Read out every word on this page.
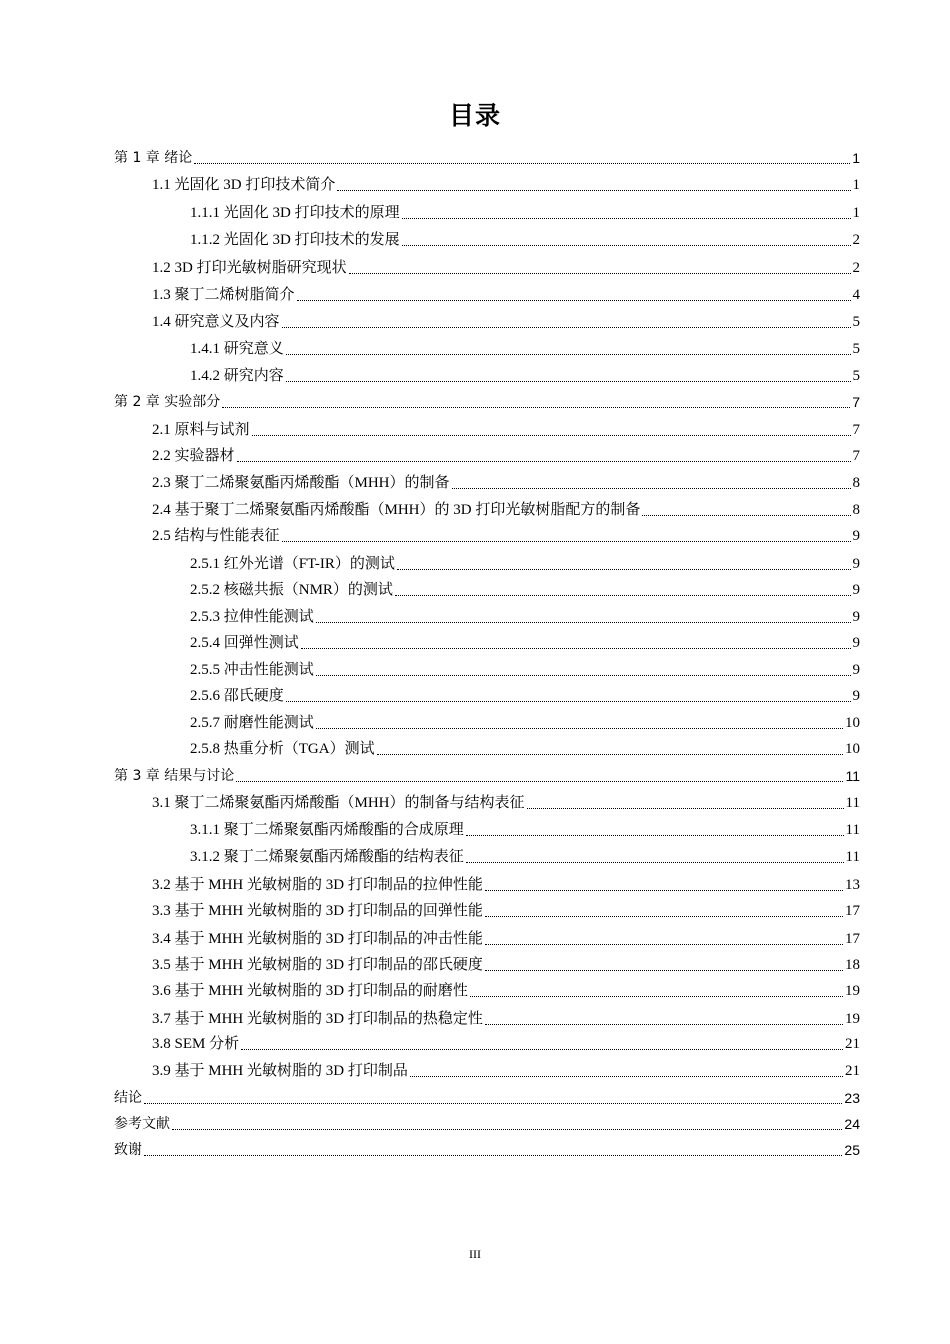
目录
第 1 章 绪论	1
1.1 光固化 3D 打印技术简介	1
1.1.1 光固化 3D 打印技术的原理	1
1.1.2 光固化 3D 打印技术的发展	2
1.2 3D 打印光敏树脂研究现状	2
1.3 聚丁二烯树脂简介	4
1.4 研究意义及内容	5
1.4.1 研究意义	5
1.4.2 研究内容	5
第 2 章 实验部分	7
2.1 原料与试剂	7
2.2 实验器材	7
2.3 聚丁二烯聚氨酯丙烯酸酯（MHH）的制备	8
2.4 基于聚丁二烯聚氨酯丙烯酸酯（MHH）的 3D 打印光敏树脂配方的制备	8
2.5 结构与性能表征	9
2.5.1 红外光谱（FT-IR）的测试	9
2.5.2 核磁共振（NMR）的测试	9
2.5.3 拉伸性能测试	9
2.5.4 回弹性测试	9
2.5.5 冲击性能测试	9
2.5.6 邵氏硬度	9
2.5.7 耐磨性能测试	10
2.5.8 热重分析（TGA）测试	10
第 3 章 结果与讨论	11
3.1 聚丁二烯聚氨酯丙烯酸酯（MHH）的制备与结构表征	11
3.1.1 聚丁二烯聚氨酯丙烯酸酯的合成原理	11
3.1.2 聚丁二烯聚氨酯丙烯酸酯的结构表征	11
3.2 基于 MHH 光敏树脂的 3D 打印制品的拉伸性能	13
3.3 基于 MHH 光敏树脂的 3D 打印制品的回弹性能	17
3.4 基于 MHH 光敏树脂的 3D 打印制品的冲击性能	17
3.5 基于 MHH 光敏树脂的 3D 打印制品的邵氏硬度	18
3.6 基于 MHH 光敏树脂的 3D 打印制品的耐磨性	19
3.7 基于 MHH 光敏树脂的 3D 打印制品的热稳定性	19
3.8 SEM 分析	21
3.9 基于 MHH 光敏树脂的 3D 打印制品	21
结论	23
参考文献	24
致谢	25
III
